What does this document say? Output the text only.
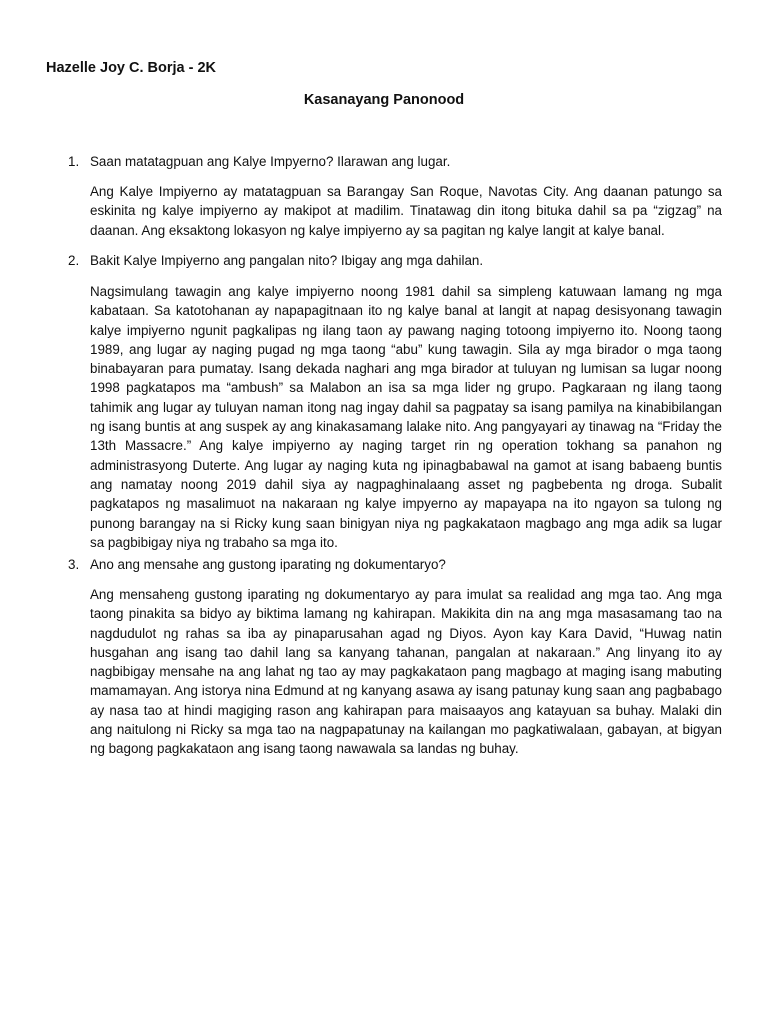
Hazelle Joy C. Borja - 2K
Kasanayang Panonood
1. Saan matatagpuan ang Kalye Impyerno? Ilarawan ang lugar.

Ang Kalye Impiyerno ay matatagpuan sa Barangay San Roque, Navotas City. Ang daanan patungo sa eskinita ng kalye impiyerno ay makipot at madilim. Tinatawag din itong bituka dahil sa pa “zigzag” na daanan. Ang eksaktong lokasyon ng kalye impiyerno ay sa pagitan ng kalye langit at kalye banal.

2. Bakit Kalye Impiyerno ang pangalan nito? Ibigay ang mga dahilan.

Nagsimulang tawagin ang kalye impiyerno noong 1981 dahil sa simpleng katuwaan lamang ng mga kabataan. Sa katotohanan ay napapagitnaan ito ng kalye banal at langit at napag desisyonang tawagin kalye impiyerno ngunit pagkalipas ng ilang taon ay pawang naging totoong impiyerno ito. Noong taong 1989, ang lugar ay naging pugad ng mga taong “abu” kung tawagin. Sila ay mga birador o mga taong binabayaran para pumatay. Isang dekada naghari ang mga birador at tuluyan ng lumisan sa lugar noong 1998 pagkatapos ma “ambush” sa Malabon an isa sa mga lider ng grupo. Pagkaraan ng ilang taong tahimik ang lugar ay tuluyan naman itong nag ingay dahil sa pagpatay sa isang pamilya na kinabibilangan ng isang buntis at ang suspek ay ang kinakasamang lalake nito. Ang pangyayari ay tinawag na “Friday the 13th Massacre.” Ang kalye impiyerno ay naging target rin ng operation tokhang sa panahon ng administrasyong Duterte. Ang lugar ay naging kuta ng ipinagbabawal na gamot at isang babaeng buntis ang namatay noong 2019 dahil siya ay nagpaghinalaang asset ng pagbebenta ng droga. Subalit pagkatapos ng masalimuot na nakaraan ng kalye impyerno ay mapayapa na ito ngayon sa tulong ng punong barangay na si Ricky kung saan binigyan niya ng pagkakataon magbago ang mga adik sa lugar sa pagbibigay niya ng trabaho sa mga ito.

3. Ano ang mensahe ang gustong iparating ng dokumentaryo?

Ang mensaheng gustong iparating ng dokumentaryo ay para imulat sa realidad ang mga tao. Ang mga taong pinakita sa bidyo ay biktima lamang ng kahirapan. Makikita din na ang mga masasamang tao na nagdudulot ng rahas sa iba ay pinaparusahan agad ng Diyos. Ayon kay Kara David, “Huwag natin husgahan ang isang tao dahil lang sa kanyang tahanan, pangalan at nakaraan.” Ang linyang ito ay nagbibigay mensahe na ang lahat ng tao ay may pagkakataon pang magbago at maging isang mabuting mamamayan. Ang istorya nina Edmund at ng kanyang asawa ay isang patunay kung saan ang pagbabago ay nasa tao at hindi magiging rason ang kahirapan para maisaayos ang katayuan sa buhay. Malaki din ang naitulong ni Ricky sa mga tao na nagpapatunay na kailangan mo pagkatiwalaan, gabayan, at bigyan ng bagong pagkakataon ang isang taong nawawala sa landas ng buhay.
